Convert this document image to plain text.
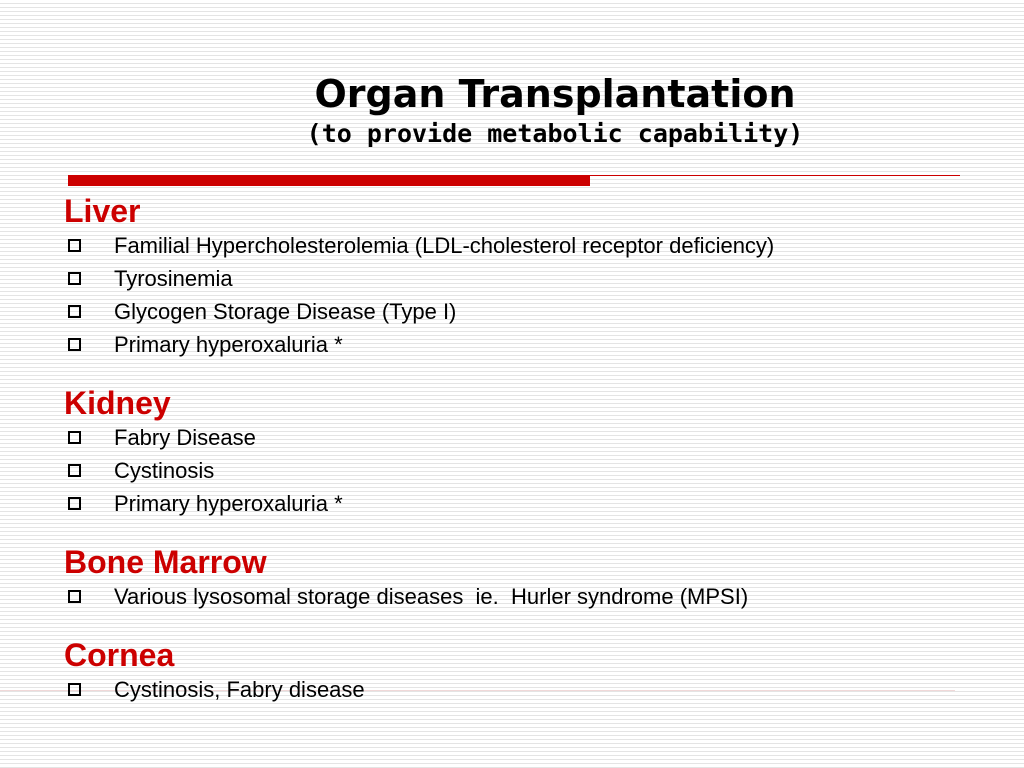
Organ Transplantation
(to provide metabolic capability)
Liver
Familial Hypercholesterolemia (LDL-cholesterol receptor deficiency)
Tyrosinemia
Glycogen Storage Disease (Type I)
Primary hyperoxaluria *
Kidney
Fabry Disease
Cystinosis
Primary hyperoxaluria *
Bone Marrow
Various lysosomal storage diseases  ie.  Hurler syndrome (MPSI)
Cornea
Cystinosis, Fabry disease
